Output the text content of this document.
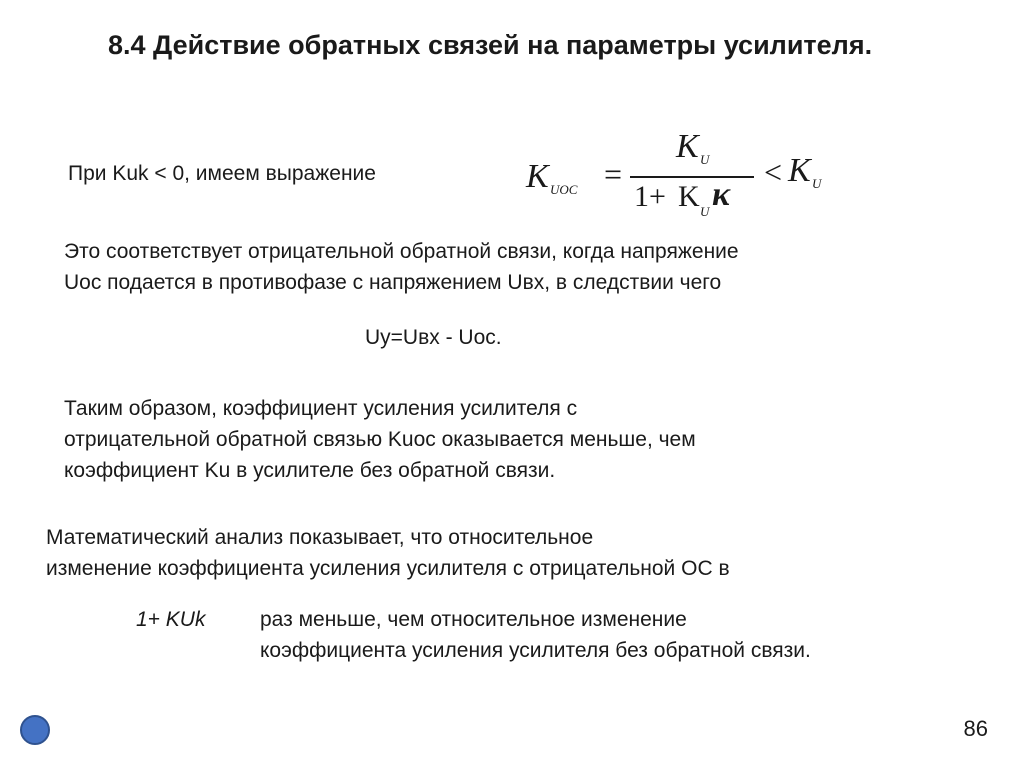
8.4 Действие обратных связей на параметры усилителя.
При Kuk < 0, имеем выражение	K UOC =
K U
1+ K U κ
< K U
Это соответствует отрицательной обратной связи, когда напряжение
Uос подается в противофазе с напряжением Uвх, в следствии чего
Uу=Uвх - Uос.
Таким образом, коэффициент усиления усилителя с
отрицательной обратной связью Kuос оказывается меньше, чем
коэффициент Ku в усилителе без обратной связи.
Математический анализ показывает, что относительное
изменение коэффициента усиления усилителя с отрицательной ОС в
1+ KUk	раз меньше, чем относительное изменение
коэффициента усиления усилителя без обратной связи.
86
